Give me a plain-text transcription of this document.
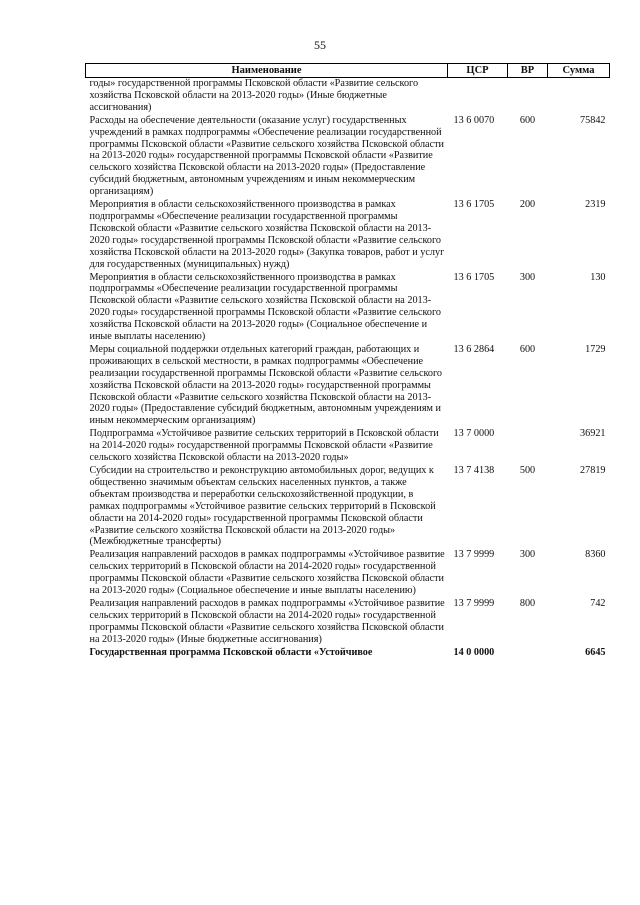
55
Наименование	ЦСР	ВР	Сумма
годы» государственной программы Псковской области «Развитие сельского хозяйства Псковской области на 2013-2020 годы» (Иные бюджетные ассигнования)			
Расходы на обеспечение деятельности (оказание услуг) государственных учреждений в рамках подпрограммы «Обеспечение реализации государственной программы Псковской области «Развитие сельского хозяйства Псковской области на 2013-2020 годы» государственной программы Псковской области «Развитие сельского хозяйства Псковской области на 2013-2020 годы» (Предоставление субсидий бюджетным, автономным учреждениям и иным некоммерческим организациям)	13 6 0070	600	75842
Мероприятия в области сельскохозяйственного производства в рамках подпрограммы «Обеспечение реализации государственной программы Псковской области «Развитие сельского хозяйства Псковской области на 2013-2020 годы» государственной программы Псковской области «Развитие сельского хозяйства Псковской области на 2013-2020 годы» (Закупка товаров, работ и услуг для государственных (муниципальных) нужд)	13 6 1705	200	2319
Мероприятия в области сельскохозяйственного производства в рамках подпрограммы «Обеспечение реализации государственной программы Псковской области «Развитие сельского хозяйства Псковской области на 2013-2020 годы» государственной программы Псковской области «Развитие сельского хозяйства Псковской области на 2013-2020 годы» (Социальное обеспечение и иные выплаты населению)	13 6 1705	300	130
Меры социальной поддержки отдельных категорий граждан, работающих и проживающих в сельской местности, в рамках подпрограммы «Обеспечение реализации государственной программы Псковской области «Развитие сельского хозяйства Псковской области на 2013-2020 годы» государственной программы Псковской области «Развитие сельского хозяйства Псковской области на 2013-2020 годы» (Предоставление субсидий бюджетным, автономным учреждениям и иным некоммерческим организациям)	13 6 2864	600	1729
Подпрограмма «Устойчивое развитие сельских территорий в Псковской области на 2014-2020 годы» государственной программы Псковской области «Развитие сельского хозяйства Псковской области на 2013-2020 годы»	13 7 0000		36921
Субсидии на строительство и реконструкцию автомобильных дорог, ведущих к общественно значимым объектам сельских населенных пунктов, а также объектам производства и переработки сельскохозяйственной продукции, в рамках подпрограммы «Устойчивое развитие сельских территорий в Псковской области на 2014-2020 годы» государственной программы Псковской области «Развитие сельского хозяйства Псковской области на 2013-2020 годы» (Межбюджетные трансферты)	13 7 4138	500	27819
Реализация направлений расходов в рамках подпрограммы «Устойчивое развитие сельских территорий в Псковской области на 2014-2020 годы» государственной программы Псковской области «Развитие сельского хозяйства Псковской области на 2013-2020 годы» (Социальное обеспечение и иные выплаты населению)	13 7 9999	300	8360
Реализация направлений расходов в рамках подпрограммы «Устойчивое развитие сельских территорий в Псковской области на 2014-2020 годы» государственной программы Псковской области «Развитие сельского хозяйства Псковской области на 2013-2020 годы» (Иные бюджетные ассигнования)	13 7 9999	800	742
Государственная программа Псковской области «Устойчивое	14 0 0000		6645
